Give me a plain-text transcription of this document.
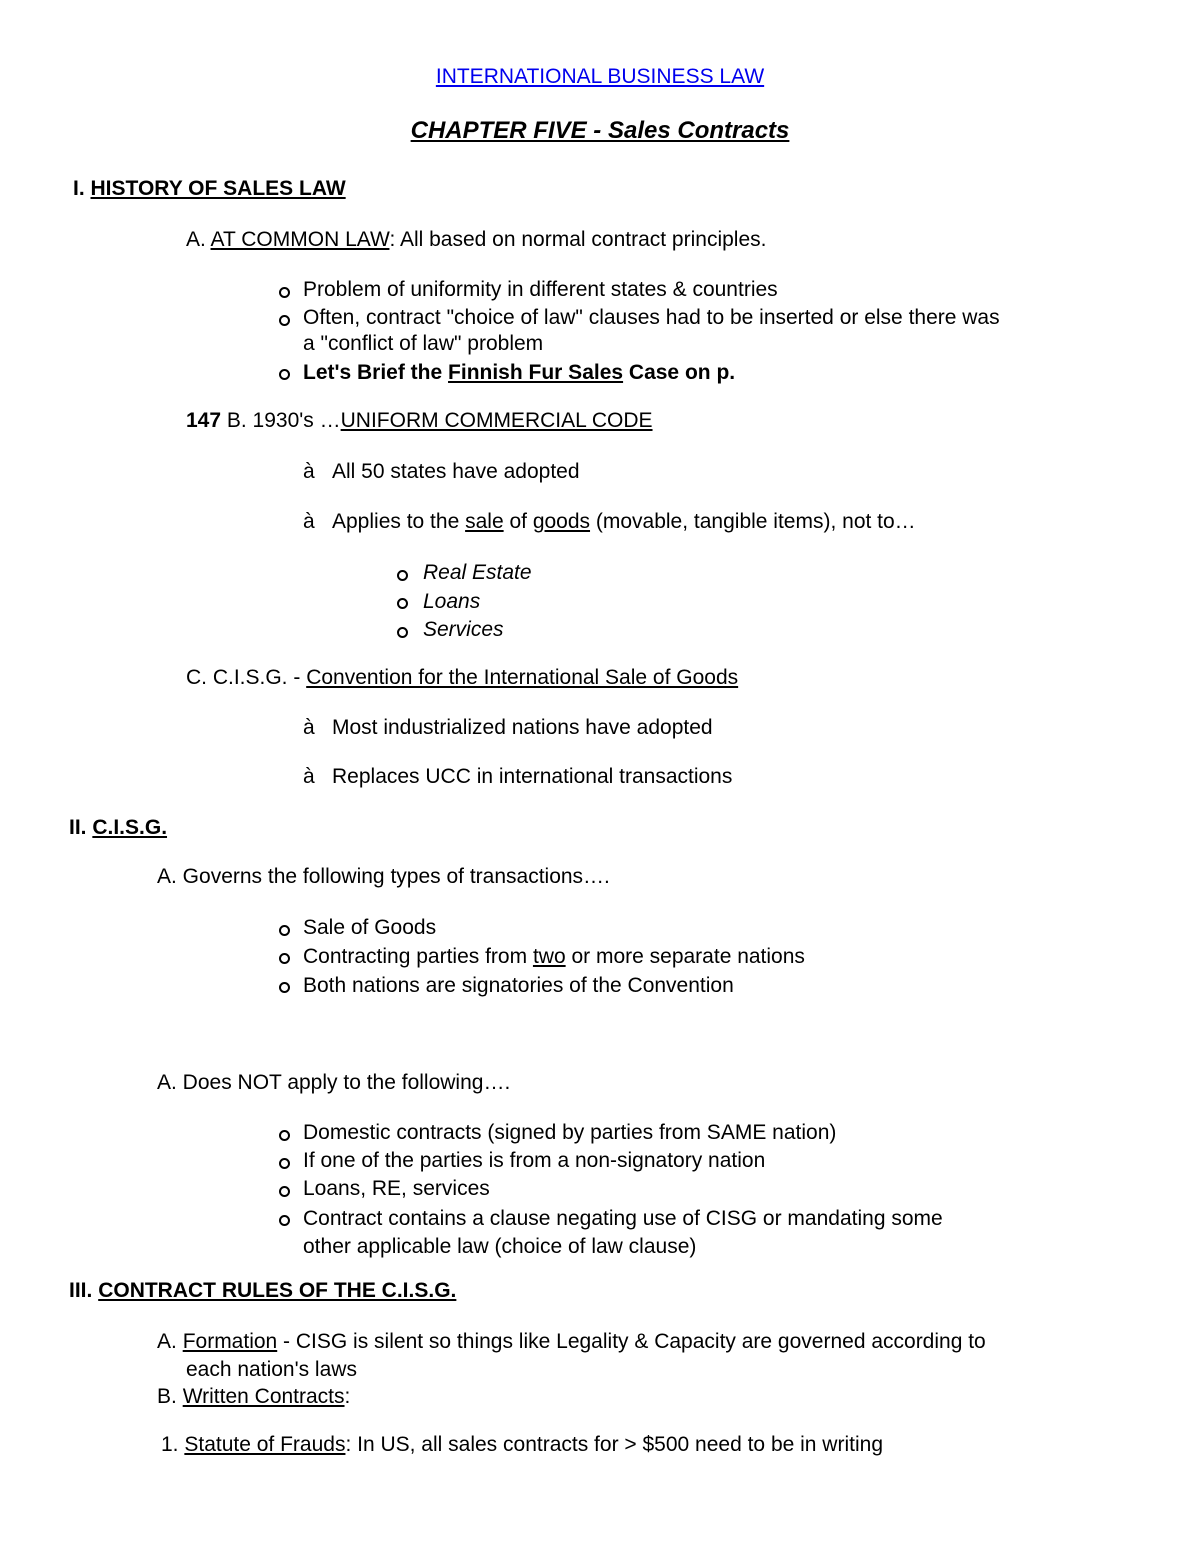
INTERNATIONAL BUSINESS LAW
CHAPTER FIVE - Sales Contracts
I. HISTORY OF SALES LAW
A. AT COMMON LAW: All based on normal contract principles.
Problem of uniformity in different states & countries
Often, contract "choice of law" clauses had to be inserted or else there was
a "conflict of law" problem
Let's Brief the Finnish Fur Sales Case on p.
147 B. 1930's …UNIFORM COMMERCIAL CODE
à All 50 states have adopted
à Applies to the sale of goods (movable, tangible items), not to…
Real Estate
Loans
Services
C. C.I.S.G. - Convention for the International Sale of Goods
à Most industrialized nations have adopted
à Replaces UCC in international transactions
II. C.I.S.G.
A. Governs the following types of transactions….
Sale of Goods
Contracting parties from two or more separate nations
Both nations are signatories of the Convention
A. Does NOT apply to the following….
Domestic contracts (signed by parties from SAME nation)
If one of the parties is from a non-signatory nation
Loans, RE, services
Contract contains a clause negating use of CISG or mandating some
other applicable law (choice of law clause)
III. CONTRACT RULES OF THE C.I.S.G.
A. Formation - CISG is silent so things like Legality & Capacity are governed according to
each nation's laws
B. Written Contracts:
1. Statute of Frauds: In US, all sales contracts for > $500 need to be in writing
